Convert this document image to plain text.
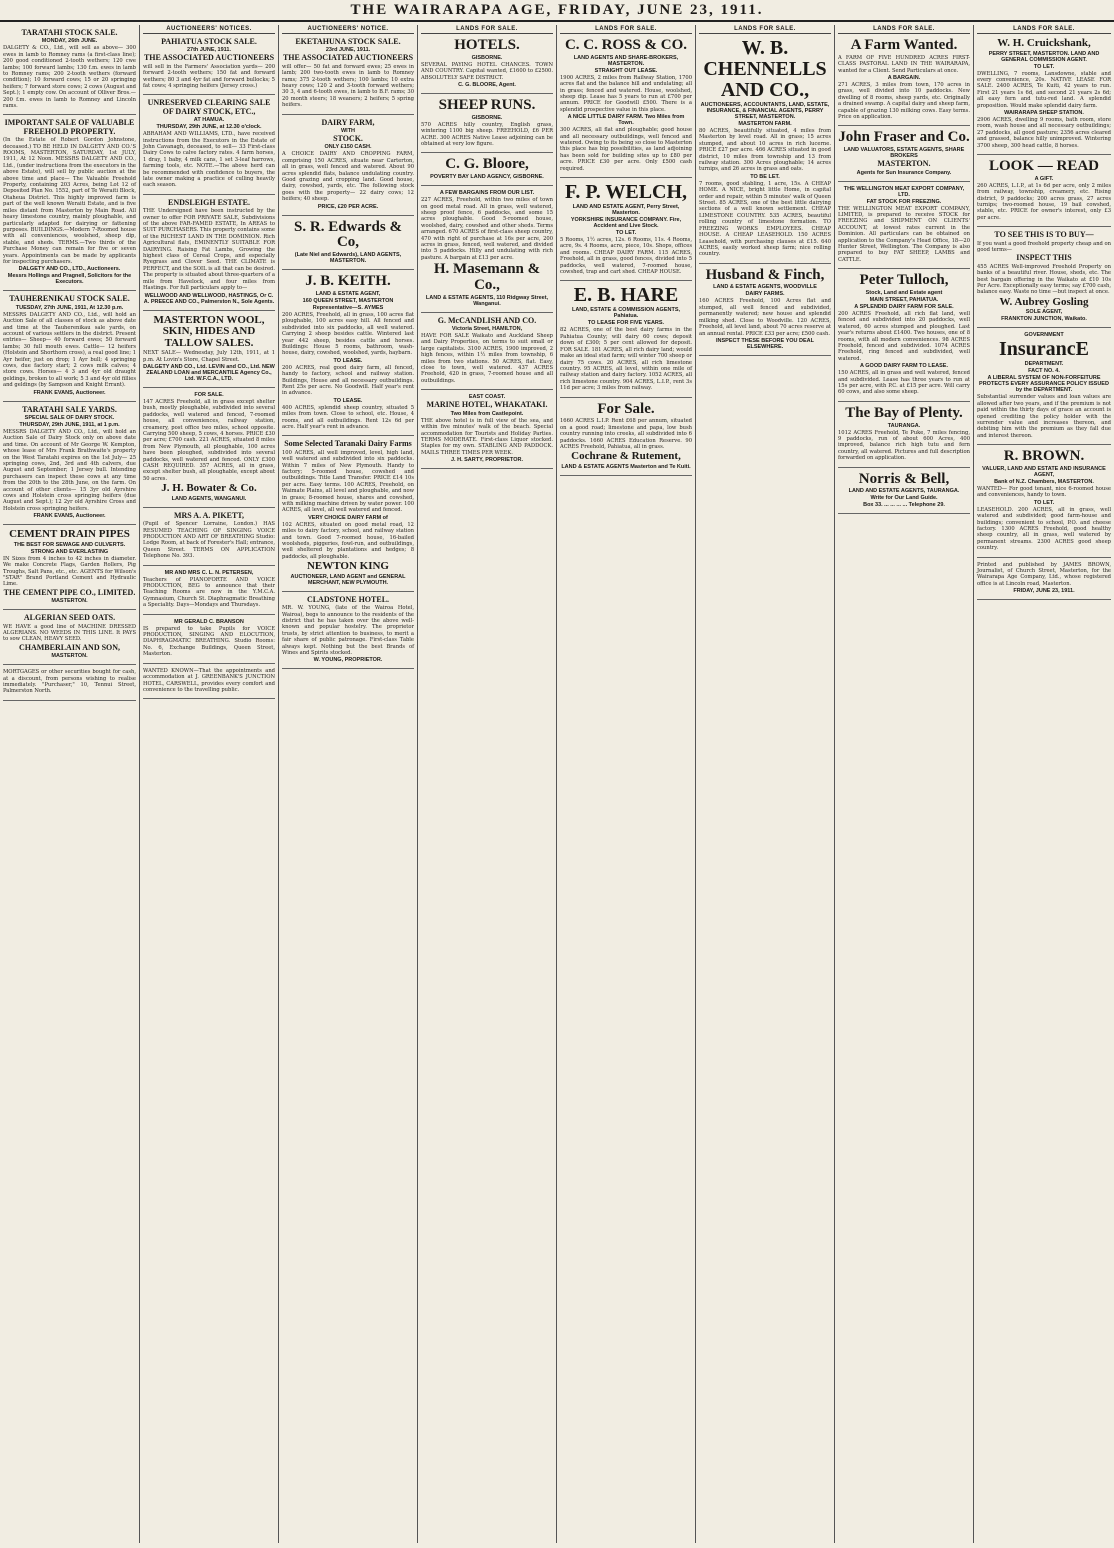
THE WAIRARAPA AGE, FRIDAY, JUNE 23, 1911.
TARATAHI STOCK SALE.
MONDAY, 26th JUNE.
DALGETY & CO., Ltd., will sell as above— 300 ewes in lamb to Romney rams (a first-class line); 200 good conditioned 2-tooth wethers; 120 cwe lambs; 100 forward lambs; 130 f.m. ewes in lamb to Romney rams; 200 2-tooth wethers (forward condition); 10 forward cows; 15 or 20 springing heifers; 7 forward store cows; 2 cows (August and Sept.); 1 empty cow. On account of Olliver Bros.— 200 f.m. ewes in lamb to Romney and Lincoln rams.
IMPORTANT SALE OF VALUABLE FREEHOLD PROPERTY.
(In the Estate of Robert Gordon Johnstone, deceased.) TO BE HELD IN DALGETY AND CO.'S ROOMS, MASTERTON, SATURDAY, 1st JULY, 1911, At 12 Noon. MESSRS DALGETY AND CO., Ltd., (under instructions from the executors in the above Estate), will sell by public auction at the above time and place— The Valuable Freehold Property, containing 203 Acres, being Lot 12 of Deposited Plan No. 1552, part of Te Weraiti Block, Otaheua District. This highly improved farm is part of the well known Weraiti Estate, and is five miles distant from Masterton by Main Road. All heavy limestone country, mainly ploughable, and particularly adapted for dairying or fattening purposes. BUILDINGS.—Modern 7-Roomed house with all conveniences, woolshed, sheep dip, stable, and sheds. TERMS.—Two thirds of the Purchase Money can remain for five or seven years. Appointments can be made by applicants for inspecting purchasers.
DALGETY AND CO., LTD., Auctioneers.
Messrs Hollings and Pragnell, Solicitors for the Executors.
TAUHERENIKAU STOCK SALE.
TUESDAY, 27th JUNE, 1911, At 12.30 p.m.
MESSRS DALGETY AND CO., Ltd., will hold an Auction Sale of all classes of stock as above date and time at the Tauherenikau sale yards, on account of various settlers in the district. Present entries— Sheep— 40 forward ewes; 50 forward lambs; 30 full mouth ewes. Cattle— 12 heifers (Holstein and Shorthorn cross), a real good line; 1 Ayr heifer, just on drop; 1 Ayr bull; 4 springing cows, due factory start; 2 cows milk calves; 4 store cows. Horses— 4 3 and 4yr old draught geldings, broken to all work; 5 3 and 4yr old fillies and geldings (by Sampson and Knight Errant).
FRANK EVANS, Auctioneer.
TARATAHI SALE YARDS.
SPECIAL SALE OF DAIRY STOCK.
THURSDAY, 29th JUNE, 1911, at 1 p.m.
MESSRS DALGETY AND CO., Ltd., will hold an Auction Sale of Dairy Stock only on above date and time. On account of Mr George W. Kempton, whose lease of Mrs Frank Brathwaite's property on the West Taratahi expires on the 1st July— 25 springing cows, 2nd, 3rd and 4th calvers, due August and September; 1 Jersey bull. Intending purchasers can inspect these cows at any time from the 20th to the 28th June, on the farm. On account of other clients— 15 3yr old Ayrshire cows and Holstein cross springing heifers (due August and Sept.); 12 2yr old Ayrshire Cross and Holstein cross springing heifers.
FRANK EVANS, Auctioneer.
CEMENT DRAIN PIPES
THE BEST FOR SEWAGE AND CULVERTS.
STRONG AND EVERLASTING
IN Sizes from 4 inches to 42 inches in diameter. We make Concrete Flags, Garden Rollers, Pig Troughs, Salt Pans, etc., etc. AGENTS for Wilson's "STAR" Brand Portland Cement and Hydraulic Lime.
THE CEMENT PIPE CO., LIMITED.
MASTERTON.
ALGERIAN SEED OATS.
WE HAVE a good line of MACHINE DRESSED ALGERIANS. NO WEEDS IN THIS LINE. It PAYS to sow CLEAN, HEAVY SEED.
CHAMBERLAIN AND SON,
MASTERTON.
MORTGAGES or other securities bought for cash, at a discount, from persons wishing to realise immediately. "Purchaser," 10, Tennui Street, Palmerston North.
AUCTIONEERS' NOTICES.
PAHIATUA STOCK SALE.
27th JUNE, 1911.
THE ASSOCIATED AUCTIONEERS
will sell in the Farmers' Association yards— 200 forward 2-tooth wethers; 150 fat and forward wethers; 80 3 and 4yr fat and forward bullocks; 5 fat cows; 4 springing heifers (Jersey cross.)
UNRESERVED CLEARING SALE OF DAIRY STOCK, ETC.,
AT HAMUA.
THURSDAY, 29th JUNE, at 12.30 o'clock.
ABRAHAM AND WILLIAMS, LTD., have received instructions from the Executors in the Estate of John Cavanagh, deceased, to sell— 33 First-class Dairy Cows to calve factory rates. 4 farm horses, 1 dray, 1 baby, 4 milk cans, 1 set 3-leaf harrows, farming tools, etc. NOTE.—The above herd can be recommended with confidence to buyers, the late owner making a practice of culling heavily each season.
ENDSLEIGH ESTATE.
THE Undersigned have been instructed by the owner to offer FOR PRIVATE SALE, Subdivisions of the above FAR-FAMED ESTATE, In AREAS to SUIT PURCHASERS. This property contains some of the RICHEST LAND IN THE DOMINION. Rich Agricultural flats, EMINENTLY SUITABLE FOR DAIRYING. Raising Fat Lambs, Growing the highest class of Cereal Crops, and especially Ryegrass and Clover Seed. THE CLIMATE is PERFECT, and the SOIL is all that can be desired. The property is situated about three-quarters of a mile from Havelock, and four miles from Hastings. For full particulars apply to—
WELLWOOD AND WELLWOOD, HASTINGS, Or C. A. PREECE AND CO., Palmerston N., Sole Agents.
MASTERTON WOOL, SKIN, HIDES AND TALLOW SALES.
NEXT SALE— Wednesday, July 12th, 1911, at 1 p.m. At Lovin's Store, Chapel Street.
DALGETY AND CO., Ltd. LEVIN and CO., Ltd. NEW ZEALAND LOAN and MERCANTILE Agency Co., Ltd. W.F.C.A., LTD.
FOR SALE.
147 ACRES Freehold, all in grass except shelter bush, mostly ploughable, subdivided into several paddocks, well watered and fenced, 7-roomed house, all conveniences, railway station, creamery, post office two miles, school opposite. Carrying 500 sheep, 5 cows, 4 horses. PRICE £30 per acre; £700 cash. 221 ACRES, situated 8 miles from New Plymouth, all ploughable, 100 acres have been ploughed, subdivided into several paddocks, well watered and fenced. ONLY £300 CASH REQUIRED. 357 ACRES, all in grass, except shelter bush, all ploughable, except about 50 acres.
J. H. Bowater & Co.
LAND AGENTS, WANGANUI.
MRS A. A. PIKETT,
(Pupil of Spencer Lorraine, London.) HAS RESUMED TEACHING OF SINGING VOICE PRODUCTION AND ART OF BREATHING Studio: Lodge Room, at back of Forester's Hall; entrance, Queen Street. TERMS ON APPLICATION Telephone No. 393.
MR AND MRS C. L. N. PETERSEN,
Teachers of PIANOFORTE AND VOICE PRODUCTION, BEG to announce that their Teaching Rooms are now in the Y.M.C.A. Gymnasium, Church St. Diaphragmatic Breathing a Speciality. Days—Mondays and Thursdays.
MR GERALD C. BRANSON
IS prepared to take Pupils for VOICE PRODUCTION, SINGING AND ELOCUTION, DIAPHRAGMATIC BREATHING. Studio Rooms: No. 6, Exchange Buildings, Queen Street, Masterton.
WANTED KNOWN—That the appointments and accommodation at J. GREENBANK'S JUNCTION HOTEL, CARSWELL, provides every comfort and convenience to the travelling public.
AUCTIONEERS' NOTICE.
EKETAHUNA STOCK SALE.
23rd JUNE, 1911.
THE ASSOCIATED AUCTIONEERS
will offer— 50 fat and forward ewes; 25 ewes in lamb; 200 two-tooth ewes in lamb to Romney rams; 375 2-tooth wethers; 100 lambs; 10 extra heavy cows; 120 2 and 3-tooth forward wethers; 30 3, 4 and 6-tooth ewes, in lamb to B.F. rams; 30 20 month steers; 18 weaners; 2 heifers; 5 spring heifers.
DAIRY FARM,
WITH
STOCK.
ONLY £150 CASH.
A CHOICE DAIRY AND CROPPING FARM, comprising 150 ACRES, situate near Carterton, all in grass, well fenced and watered. About 90 acres splendid flats, balance undulating country. Good grazing and cropping land. Good house, dairy, cowshed, yards, etc. The following stock goes with the property— 22 dairy cows; 12 heifers; 40 sheep.
PRICE, £20 PER ACRE.
S. R. Edwards & Co,
(Late Niel and Edwards), LAND AGENTS, MASTERTON.
J. B. KEITH.
LAND & ESTATE AGENT,
160 QUEEN STREET, MASTERTON
Representative—S. AYMES
200 ACRES, Freehold, all in grass, 100 acres flat ploughable, 100 acres easy hill. All fenced and subdivided into six paddocks, all well watered. Carrying 2 sheep besides cattle. Wintered last year 442 sheep, besides cattle and horses. Buildings: House 5 rooms, bathroom, wash-house, dairy, cowshed, woolshed, yards, haybarn.
TO LEASE.
200 ACRES, real good dairy farm, all fenced, handy to factory, school and railway station. Buildings, House and all necessary outbuildings. Rent 25s per acre. No Goodwill. Half year's rent in advance.
TO LEASE.
400 ACRES, splendid sheep country, situated 5 miles from town. Close to school, etc. House, 4 rooms, and all outbuildings. Rent 12s 6d per acre. Half year's rent in advance.
Some Selected Taranaki Dairy Farms
100 ACRES, all well improved, level, high land, well watered and subdivided into six paddocks. Within 7 miles of New Plymouth. Handy to factory; 5-roomed house, cowshed and outbuildings. Title Land Transfer. PRICE £14 10s per acre. Easy terms. 100 ACRES, Freehold, on Waimate Plains, all level and ploughable, and now in grass; 8-roomed house, shares and cowshed, with milking machine driven by water power. 100 ACRES, all level, all well watered and fenced.
VERY CHOICE DAIRY FARM of
102 ACRES, situated on good metal road, 12 miles to dairy factory, school, and railway station and town. Good 7-roomed house, 16-bailed woolsheds, piggeries, fowl-run, and outbuildings, well sheltered by plantations and hedges; 8 paddocks, all ploughable.
NEWTON KING
AUCTIONEER, LAND AGENT and GENERAL MERCHANT, NEW PLYMOUTH.
CLADSTONE HOTEL.
MR. W. YOUNG, (late of the Wairoa Hotel, Wairoa), begs to announce to the residents of the district that he has taken over the above well-known and popular hostelry. The proprietor trusts, by strict attention to business, to merit a fair share of public patronage. First-class Table always kept. Nothing but the best Brands of Wines and Spirits stocked.
W. YOUNG, PROPRIETOR.
LANDS FOR SALE.
HOTELS.
GISBORNE.
SEVERAL PAYING HOTEL CHANCES. TOWN AND COUNTRY. Capital wanted, £1600 to £2500. ABSOLUTELY SAFE DISTRICT.
C. G. BLOORE, Agent.
SHEEP RUNS.
GISBORNE.
570 ACRES hilly country, English grass, wintering 1100 big sheep. FREEHOLD, £6 PER ACRE. 300 ACRES Native Lease adjoining can be obtained at very low figure.
C. G. Bloore,
POVERTY BAY LAND AGENCY, GISBORNE.
A FEW BARGAINS FROM OUR LIST.
227 ACRES, Freehold, within two miles of town on good metal road. All in grass, well watered, sheep proof fence, 6 paddocks, and some 15 acres ploughable. Good 5-roomed house, woolshed, dairy, cowshed and other sheds. Terms arranged. 670 ACRES of first-class sheep country, 470 with right of purchase at 16s per acre, 200 acres in grass, fenced, well watered, and divided into 5 paddocks. Hilly and undulating with rich pasture. A bargain at £13 per acre.
H. Masemann & Co.,
LAND & ESTATE AGENTS, 110 Ridgway Street, Wanganui.
G. McCANDLISH AND CO.
Victoria Street, HAMILTON,
HAVE FOR SALE Waikato and Auckland Sheep and Dairy Properties, on terms to suit small or large capitalists. 3100 ACRES, 1900 improved, 2 high fences, within 1½ miles from township, 6 miles from two stations. 50 ACRES, flat. Easy, close to town, well watered. 437 ACRES Freehold, 420 in grass, 7-roomed house and all outbuildings.
EAST COAST.
MARINE HOTEL, WHAKATAKI.
Two Miles from Castlepoint.
THE above hotel is in full view of the sea, and within five minutes' walk of the beach. Special accommodation for Tourists and Holiday Parties. TERMS MODERATE. First-class Liquor stocked. Staples for my own. STABLING AND PADDOCK. MAILS THREE TIMES PER WEEK.
J. H. SARTY, PROPRIETOR.
LANDS FOR SALE.
C. C. ROSS & CO.
LAND AGENTS AND SHARE-BROKERS, MASTERTON.
STRAIGHT OUT LEASE.
1900 ACRES, 2 miles from Railway Station, 1700 acres flat and the balance hill and undulating; all in grass; fenced and watered. House, woolshed, sheep dip. Lease has 5 years to run at £700 per annum. PRICE for Goodwill £500. There is a splendid prospective value in this place.
A NICE LITTLE DAIRY FARM. Two Miles from Town.
300 ACRES, all flat and ploughable; good house and all necessary outbuildings, well fenced and watered. Owing to its being so close to Masterton this place has big possibilities, as land adjoining has been sold for building sites up to £80 per acre. PRICE £30 per acre. Only £500 cash required.
F. P. WELCH,
LAND AND ESTATE AGENT, Perry Street, Masterton.
YORKSHIRE INSURANCE COMPANY. Fire, Accident and Live Stock.
TO LET.
5 Rooms, 1½ acres, 12s. 6 Rooms, 11s. 4 Rooms, acre, 9s. 4 Rooms, acre, piece, 10s. Shops, offices and rooms. CHEAP DAIRY FARM. 115 ACRES, Freehold, all in grass, good fences, divided into 5 paddocks, well watered, 7-roomed house, cowshed, trap and cart shed. CHEAP HOUSE.
E. B. HARE
LAND, ESTATE & COMMISSION AGENTS, Pahiatua.
TO LEASE FOR FIVE YEARS.
82 ACRES, one of the best dairy farms in the Pahiatua County; will dairy 60 cows; deposit down of £300; 5 per cent allowed for deposit. FOR SALE. 181 ACRES, all rich dairy land; would make an ideal stud farm; will winter 700 sheep or dairy 75 cows. 20 ACRES, all rich limestone country. 95 ACRES, all level, within one mile of railway station and dairy factory. 1052 ACRES, all rich limestone country. 904 ACRES, L.I.P., rent 3s 11d per acre; 3 miles from railway.
For Sale.
1660 ACRES L.I.P. Rent £68 per annum, situated on a good road; limestone and papa, low bush country running into creeks, all subdivided into 6 paddocks. 1660 ACRES Education Reserve. 90 ACRES Freehold, Pahiatua, all in grass.
Cochrane & Rutement,
LAND & ESTATE AGENTS Masterton and Te Kuiti.
LANDS FOR SALE.
W. B. CHENNELLS AND CO.,
AUCTIONEERS, ACCOUNTANTS, LAND, ESTATE, INSURANCE, & FINANCIAL AGENTS, PERRY STREET, MASTERTON.
MASTERTON FARM.
80 ACRES, beautifully situated, 4 miles from Masterton by level road. All in grass; 15 acres stumped, and about 10 acres in rich lucerne. PRICE £27 per acre. 466 ACRES situated in good district, 10 miles from township and 13 from railway station. 300 Acres ploughable; 14 acres turnips, and 26 acres in grass and oats.
TO BE LET.
7 rooms, good stabling, 1 acre, 15s. A CHEAP HOME. A NICE, bright little Home, in capital order and repair, within 5 minutes' walk of Queen Street. 85 ACRES, one of the best little dairying sections of a well known settlement. CHEAP LIMESTONE COUNTRY. 535 ACRES, beautiful rolling country of limestone formation. TO FREEZING WORKS EMPLOYEES. CHEAP HOUSE. A CHEAP LEASEHOLD. 150 ACRES Leasehold, with purchasing clauses at £15. 640 ACRES, easily worked sheep farm; nice rolling country.
Husband & Finch,
LAND & ESTATE AGENTS, WOODVILLE
DAIRY FARMS.
160 ACRES Freehold, 100 Acres flat and stumped, all well fenced and subdivided, permanently watered; new house and splendid milking shed. Close to Woodville. 120 ACRES, Freehold, all level land, about 70 acres reserve at an annual rental. PRICE £33 per acre; £500 cash.
INSPECT THESE BEFORE YOU DEAL ELSEWHERE.
LANDS FOR SALE.
A Farm Wanted.
A FARM OF FIVE HUNDRED ACRES FIRST-CLASS PASTORAL LAND IN THE WAIRARAPA, wanted for a Client. Send Particulars at once.
A BARGAIN.
271 ACRES, 3 miles from town, 170 acres in grass, well divided into 10 paddocks. New dwelling of 8 rooms, sheep yards, etc. Originally a drained swamp. A capital dairy and sheep farm, capable of grazing 130 milking cows. Easy terms. Price on application.
John Fraser and Co.
LAND VALUATORS, ESTATE AGENTS, SHARE BROKERS
MASTERTON.
Agents for Sun Insurance Company.
THE WELLINGTON MEAT EXPORT COMPANY, LTD.
FAT STOCK FOR FREEZING.
THE WELLINGTON MEAT EXPORT COMPANY, LIMITED, is prepared to receive STOCK for FREEZING and SHIPMENT ON CLIENTS' ACCOUNT, at lowest rates current in the Dominion. All particulars can be obtained on application to the Company's Head Office, 18—20 Hunter Street, Wellington. The Company is also prepared to buy FAT SHEEP, LAMBS and CATTLE.
Peter Tulloch,
Stock, Land and Estate agent
MAIN STREET, PAHIATUA.
A SPLENDID DAIRY FARM FOR SALE.
200 ACRES Freehold, all rich flat land, well fenced and subdivided into 20 paddocks, well watered, 60 acres stumped and ploughed. Last year's returns about £1400. Two houses, one of 8 rooms, with all modern conveniences. 98 ACRES Freehold, fenced and subdivided. 1074 ACRES Freehold, ring fenced and subdivided, well watered.
A GOOD DAIRY FARM TO LEASE.
150 ACRES, all in grass and well watered, fenced and subdivided. Lease has three years to run at 15s per acre, with P.C. at £15 per acre. Will carry 60 cows, and also some sheep.
The Bay of Plenty.
TAURANGA.
1012 ACRES Freehold, Te Puke, 7 miles fencing, 9 paddocks, run of about 600 Acres, 400 improved, balance rich high tutu and fern country, all watered. Pictures and full description forwarded on application.
Norris & Bell,
LAND AND ESTATE AGENTS, TAURANGA.
Write for Our Land Guide.
Box 33. ... ... ... ... Telephone 29.
LANDS FOR SALE.
W. H. Cruickshank,
PERRY STREET, MASTERTON. LAND AND GENERAL COMMISSION AGENT.
TO LET.
DWELLING, 7 rooms, Lansdowne, stable and every convenience, 20s. NATIVE LEASE FOR SALE. 2400 ACRES, Te Kuiti, 42 years to run. First 21 years 1s 6d, and second 21 years 2s 6d; all easy fern and tutu-red land. A splendid proposition. Would make splendid dairy farm.
WAIRARAPA SHEEP STATION.
2906 ACRES, dwelling 9 rooms, bath room, store room, wash house and all necessary outbuildings; 27 paddocks, all good pasture; 2356 acres cleared and grassed, balance hilly unimproved. Wintering 3700 sheep, 300 head cattle, 8 horses.
LOOK — READ
A GIFT.
260 ACRES, L.I.P., at 1s 6d per acre, only 2 miles from railway, township, creamery, etc. Rising district, 9 paddocks; 200 acres grass, 27 acres turnips; two-roomed house, 19 bail cowshed, stable, etc. PRICE for owner's interest, only £3 per acre.
TO SEE THIS IS TO BUY—
If you want a good freehold property cheap and on good terms—
INSPECT THIS
455 ACRES Well-improved Freehold Property on banks of a beautiful river. House, sheds, etc. The best bargain offering in the Waikato at £10 10s Per Acre. Exceptionally easy terms; say £700 cash, balance easy. Waste no time —but inspect at once.
W. Aubrey Gosling
SOLE AGENT,
FRANKTON JUNCTION, Waikato.
GOVERNMENT
InsurancE
DEPARTMENT.
FACT NO. 4.
A LIBERAL SYSTEM OF NON-FORFEITURE PROTECTS EVERY ASSURANCE POLICY ISSUED by the DEPARTMENT.
Substantial surrender values and loan values are allowed after two years, and if the premium is not paid within the thirty days of grace an account is opened crediting the policy holder with the surrender value and increases thereon, and debiting him with the premium as they fall due and interest thereon.
R. BROWN.
VALUER, LAND AND ESTATE AND INSURANCE AGENT,
Bank of N.Z. Chambers, MASTERTON.
WANTED— For good tenant, nice 6-roomed house and conveniences, handy to town.
TO LET.
LEASEHOLD. 200 ACRES, all in grass, well watered and subdivided; good farm-house and buildings; convenient to school, P.O. and cheese factory. 1300 ACRES Freehold, good healthy sheep country, all in grass, well watered by permanent streams. 2300 ACRES good sheep country.
Printed and published by JAMES BROWN, Journalist, of Church Street, Masterton, for the Wairarapa Age Company, Ltd., whose registered office is at Lincoln road, Masterton.
FRIDAY, JUNE 23, 1911.
